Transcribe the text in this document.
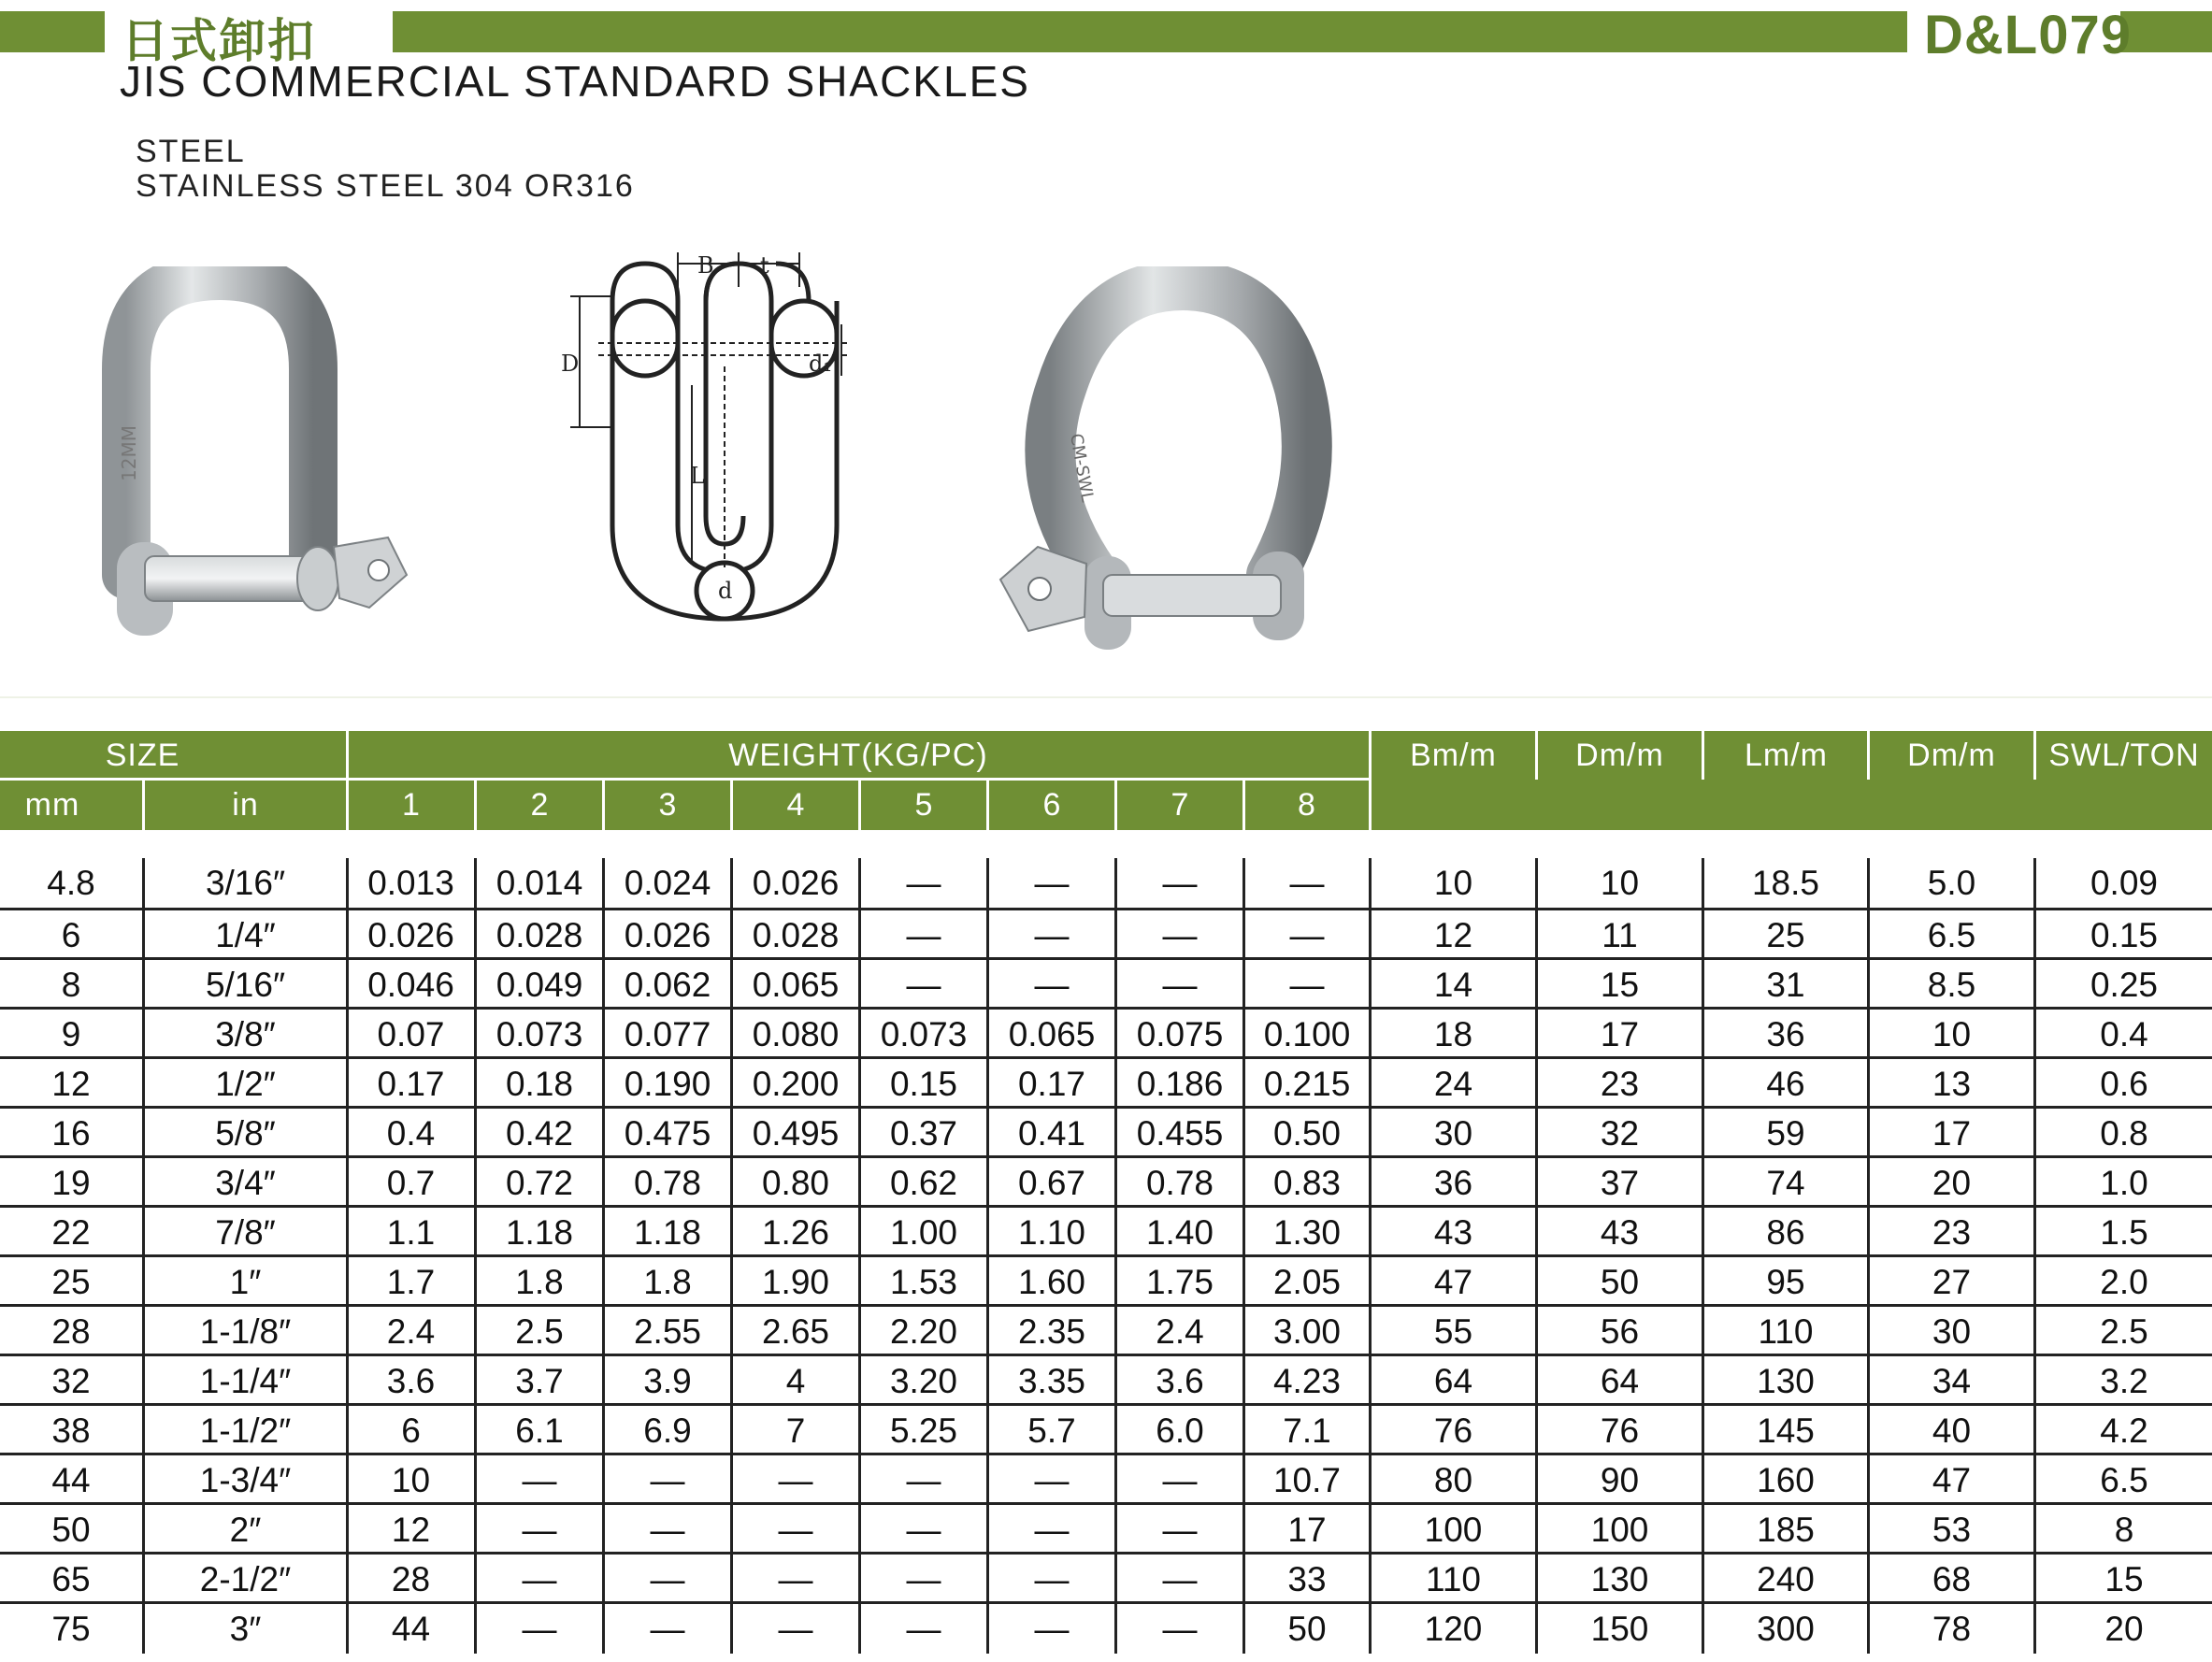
日式卸扣	D&L079
JIS COMMERCIAL STANDARD SHACKLES
STEEL
STAINLESS STEEL 304 OR316
12MM
B t
D	d₁
L
d
CM-SWL
SIZE	WEIGHT(KG/PC)	Bm/m	Dm/m	Lm/m	Dm/m	SWL/TON
mm	in	1	2	3	4	5	6	7	8
4.8	3/16″	0.013	0.014	0.024	0.026	—	—	—	—	10	10	18.5	5.0	0.09
6	1/4″	0.026	0.028	0.026	0.028	—	—	—	—	12	11	25	6.5	0.15
8	5/16″	0.046	0.049	0.062	0.065	—	—	—	—	14	15	31	8.5	0.25
9	3/8″	0.07	0.073	0.077	0.080	0.073	0.065	0.075	0.100	18	17	36	10	0.4
12	1/2″	0.17	0.18	0.190	0.200	0.15	0.17	0.186	0.215	24	23	46	13	0.6
16	5/8″	0.4	0.42	0.475	0.495	0.37	0.41	0.455	0.50	30	32	59	17	0.8
19	3/4″	0.7	0.72	0.78	0.80	0.62	0.67	0.78	0.83	36	37	74	20	1.0
22	7/8″	1.1	1.18	1.18	1.26	1.00	1.10	1.40	1.30	43	43	86	23	1.5
25	1″	1.7	1.8	1.8	1.90	1.53	1.60	1.75	2.05	47	50	95	27	2.0
28	1-1/8″	2.4	2.5	2.55	2.65	2.20	2.35	2.4	3.00	55	56	110	30	2.5
32	1-1/4″	3.6	3.7	3.9	4	3.20	3.35	3.6	4.23	64	64	130	34	3.2
38	1-1/2″	6	6.1	6.9	7	5.25	5.7	6.0	7.1	76	76	145	40	4.2
44	1-3/4″	10	—	—	—	—	—	—	10.7	80	90	160	47	6.5
50	2″	12	—	—	—	—	—	—	17	100	100	185	53	8
65	2-1/2″	28	—	—	—	—	—	—	33	110	130	240	68	15
75	3″	44	—	—	—	—	—	—	50	120	150	300	78	20
